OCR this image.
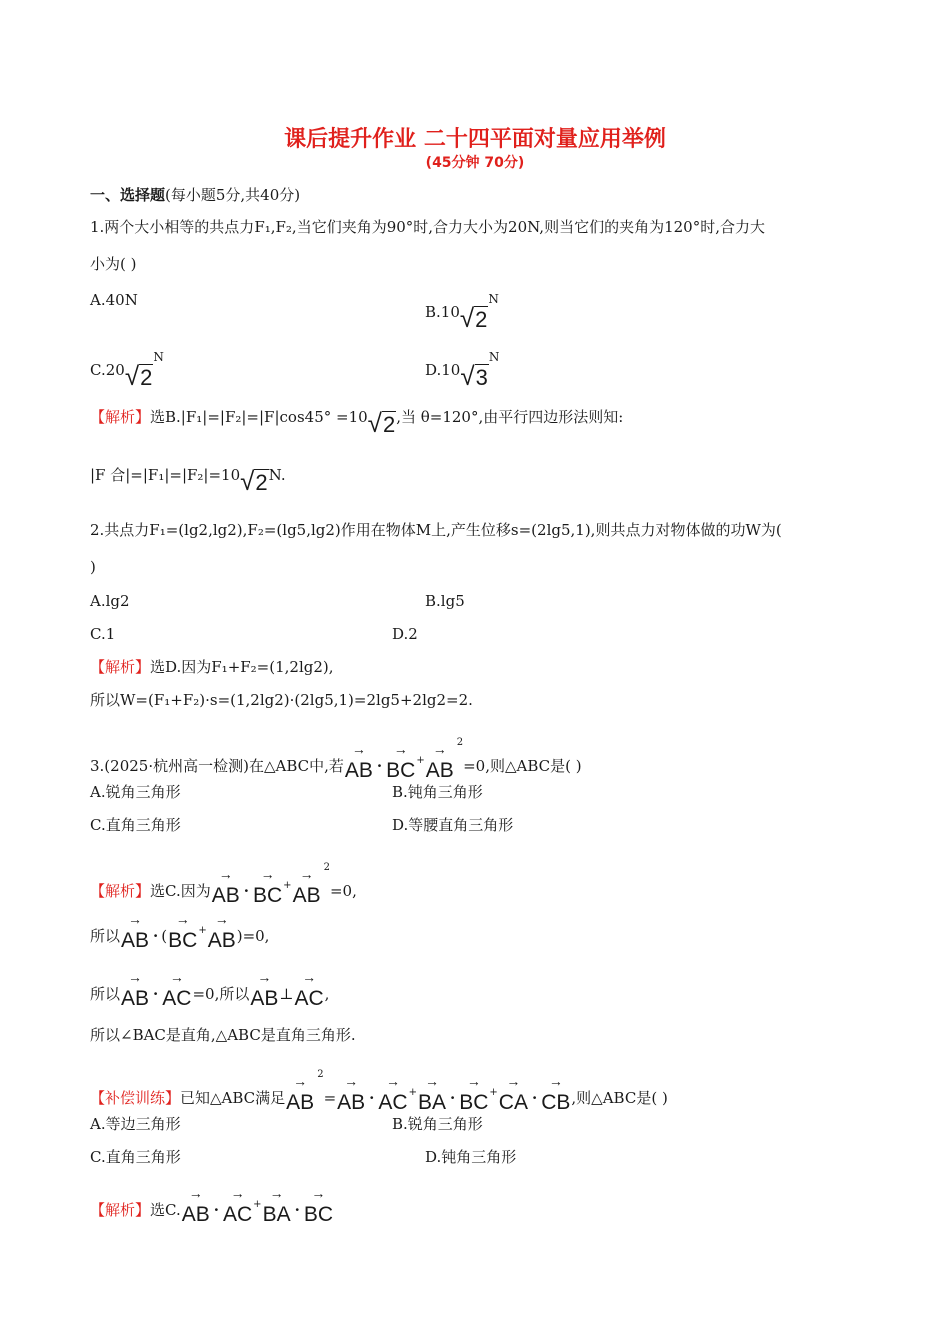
课后提升作业 二十四平面对量应用举例
(45分钟 70分)
一、选择题(每小题5分,共40分)
1.两个大小相等的共点力F₁,F₂,当它们夹角为90°时,合力大小为20N,则当它们的夹角为120°时,合力大
小为( )
A.40N
$B.10√2^N$
$C.20√2^N$
$D.10√3^N$
【解析】选B.|F₁|=|F₂|=|F|cos45° =10√2,当 θ=120°,由平行四边形法则知:
|F 合|=|F₁|=|F₂|=10√2N.
2.共点力F₁=(lg2,lg2),F₂=(lg5,lg2)作用在物体M上,产生位移s=(2lg5,1),则共点力对物体做的功W为(
)
A.lg2	B.lg5
C.1	D.2
【解析】选D.因为F₁+F₂=(1,2lg2),
所以W=(F₁+F₂)·s=(1,2lg2)·(2lg5,1)=2lg5+2lg2=2.
3.(2025·杭州高一检测)在△ABC中,若
→
AB ·
→
BC+
→
AB2=0,则△ABC是( )
A.锐角三角形	B.钝角三角形
C.直角三角形	D.等腰直角三角形
【解析】选C.因为
→
AB ·
→
BC+
→
AB2=0,
所以
→
AB · (
→
BC+
→
AB)=0,
所以
→
AB ·
→
AC=0,所以
→
AB⊥
→
AC,
所以∠BAC是直角,△ABC是直角三角形.
【补偿训练】已知△ABC满足
→
AB2=
→
AB ·
→
AC+
→
BA ·
→
BC+
→
CA ·
→
CB,则△ABC是( )
A.等边三角形	B.锐角三角形
C.直角三角形	D.钝角三角形
【解析】选C.
→
AB ·
→
AC+
→
BA ·
→
BC
